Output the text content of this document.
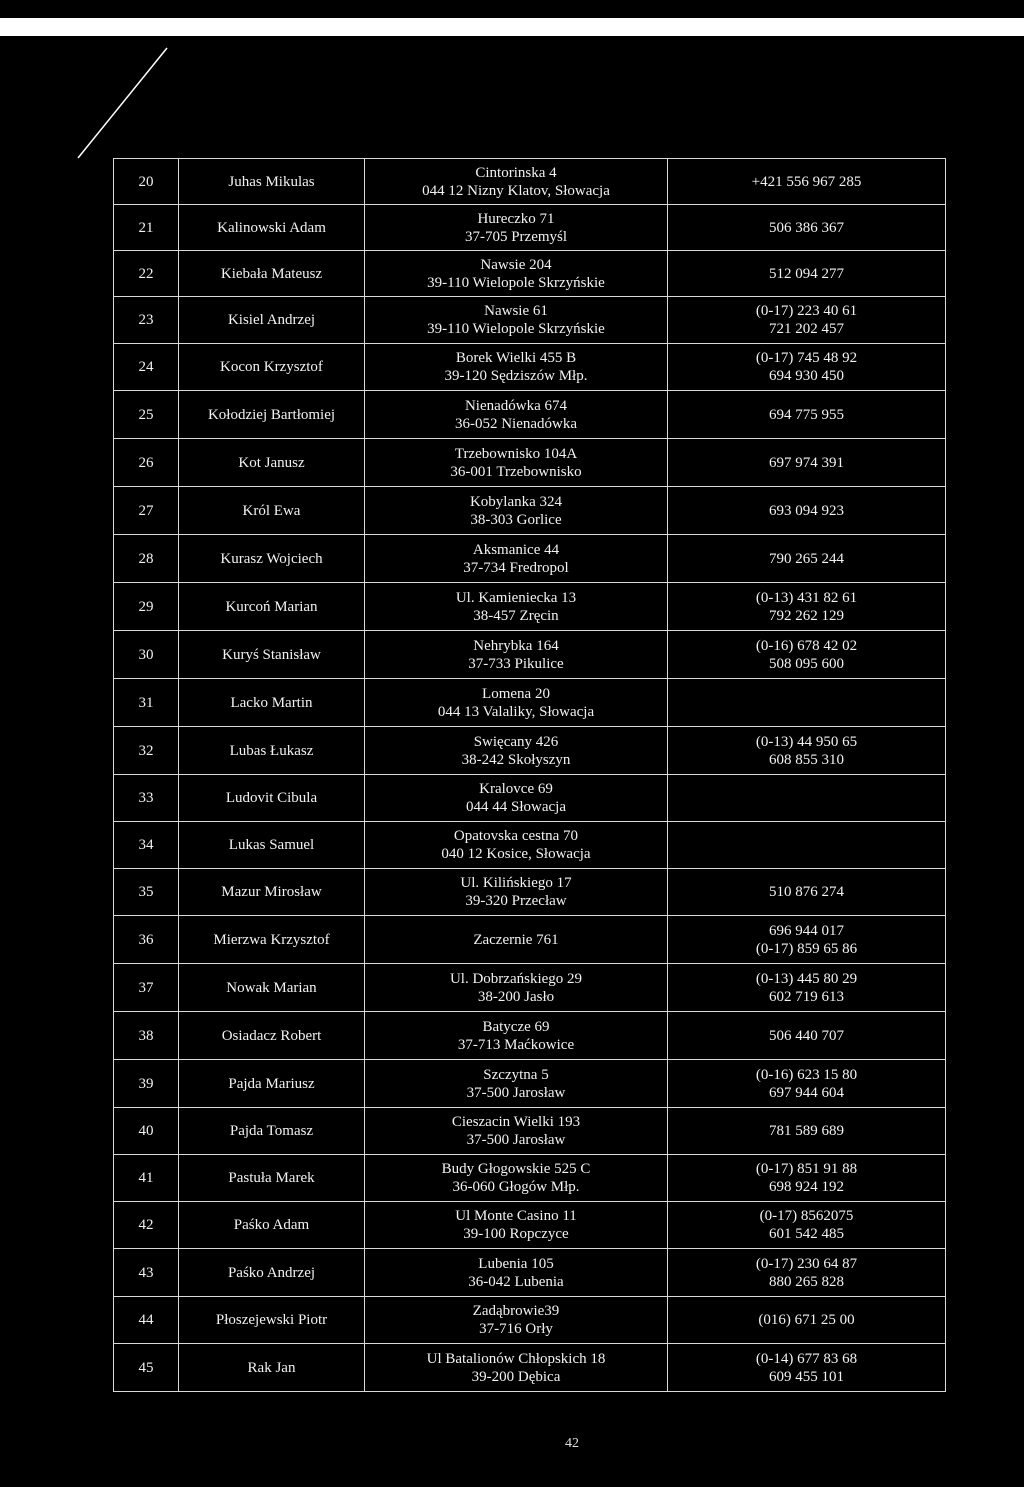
20	Juhas Mikulas	Cintorinska 4
044 12 Nizny Klatov, Słowacja	+421 556 967 285

21	Kalinowski Adam	Hureczko 71
37-705 Przemyśl	506 386 367

22	Kiebała Mateusz	Nawsie 204
39-110 Wielopole Skrzyńskie	512 094 277

23	Kisiel Andrzej	Nawsie 61
39-110 Wielopole Skrzyńskie	(0-17) 223 40 61
721 202 457

24	Kocon Krzysztof	Borek Wielki 455 B
39-120 Sędziszów Młp.	(0-17) 745 48 92
694 930 450

25	Kołodziej Bartłomiej	Nienadówka 674
36-052 Nienadówka	694 775 955

26	Kot Janusz	Trzebownisko 104A
36-001 Trzebownisko	697 974 391

27	Król Ewa	Kobylanka 324
38-303 Gorlice	693 094 923

28	Kurasz Wojciech	Aksmanice 44
37-734 Fredropol	790 265 244

29	Kurcoń Marian	Ul. Kamieniecka 13
38-457 Zręcin	(0-13) 431 82 61
792 262 129

30	Kuryś Stanisław	Nehrybka 164
37-733 Pikulice	(0-16) 678 42 02
508 095 600

31	Lacko Martin	Lomena 20
044 13 Valaliky, Słowacja	

32	Lubas Łukasz	Swięcany 426
38-242 Skołyszyn	(0-13) 44 950 65
608 855 310

33	Ludovit Cibula	Kralovce 69
044 44 Słowacja	

34	Lukas Samuel	Opatovska cestna 70
040 12 Kosice, Słowacja	

35	Mazur Mirosław	Ul. Kilińskiego 17
39-320 Przecław	510 876 274

36	Mierzwa Krzysztof	Zaczernie 761	696 944 017
(0-17) 859 65 86

37	Nowak Marian	Ul. Dobrzańskiego 29
38-200 Jasło	(0-13) 445 80 29
602 719 613

38	Osiadacz Robert	Batycze 69
37-713 Maćkowice	506 440 707

39	Pajda Mariusz	Szczytna 5
37-500 Jarosław	(0-16) 623 15 80
697 944 604

40	Pajda Tomasz	Cieszacin Wielki 193
37-500 Jarosław	781 589 689

41	Pastuła Marek	Budy Głogowskie 525 C
36-060 Głogów Młp.	(0-17) 851 91 88
698 924 192

42	Paśko Adam	Ul Monte Casino 11
39-100 Ropczyce	(0-17) 8562075
601 542 485

43	Paśko Andrzej	Lubenia 105
36-042 Lubenia	(0-17) 230 64 87
880 265 828

44	Płoszejewski Piotr	Zadąbrowie39
37-716 Orły	(016) 671 25 00

45	Rak Jan	Ul Batalionów Chłopskich 18
39-200 Dębica	(0-14) 677 83 68
609 455 101
42
